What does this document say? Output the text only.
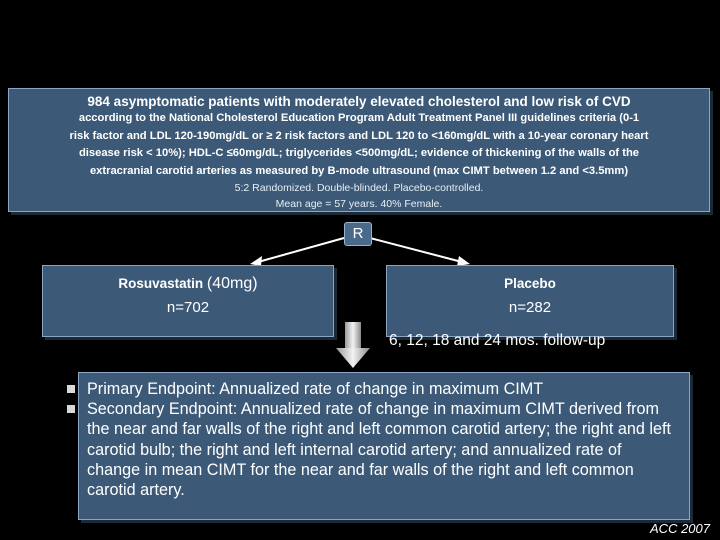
984 asymptomatic patients with moderately elevated cholesterol and low risk of CVD
according to the National Cholesterol Education Program Adult Treatment Panel III guidelines criteria (0-1
risk factor and LDL 120-190mg/dL or ≥ 2 risk factors and LDL 120 to <160mg/dL with a 10-year coronary heart
disease risk < 10%); HDL-C ≤60mg/dL; triglycerides <500mg/dL; evidence of thickening of the walls of the
extracranial carotid arteries as measured by B-mode ultrasound (max CIMT between 1.2 and <3.5mm)
5:2 Randomized. Double-blinded. Placebo-controlled.
Mean age = 57 years. 40% Female.
R
Rosuvastatin (40mg)
n=702
Placebo
n=282
6, 12, 18 and 24 mos. follow-up
Primary Endpoint: Annualized rate of change in maximum CIMT
Secondary Endpoint: Annualized rate of change in maximum CIMT derived from the near and far walls of the right and left common carotid artery; the right and left carotid bulb; the right and left internal carotid artery; and annualized rate of change in mean CIMT for the near and far walls of the right and left common carotid artery.
ACC 2007
